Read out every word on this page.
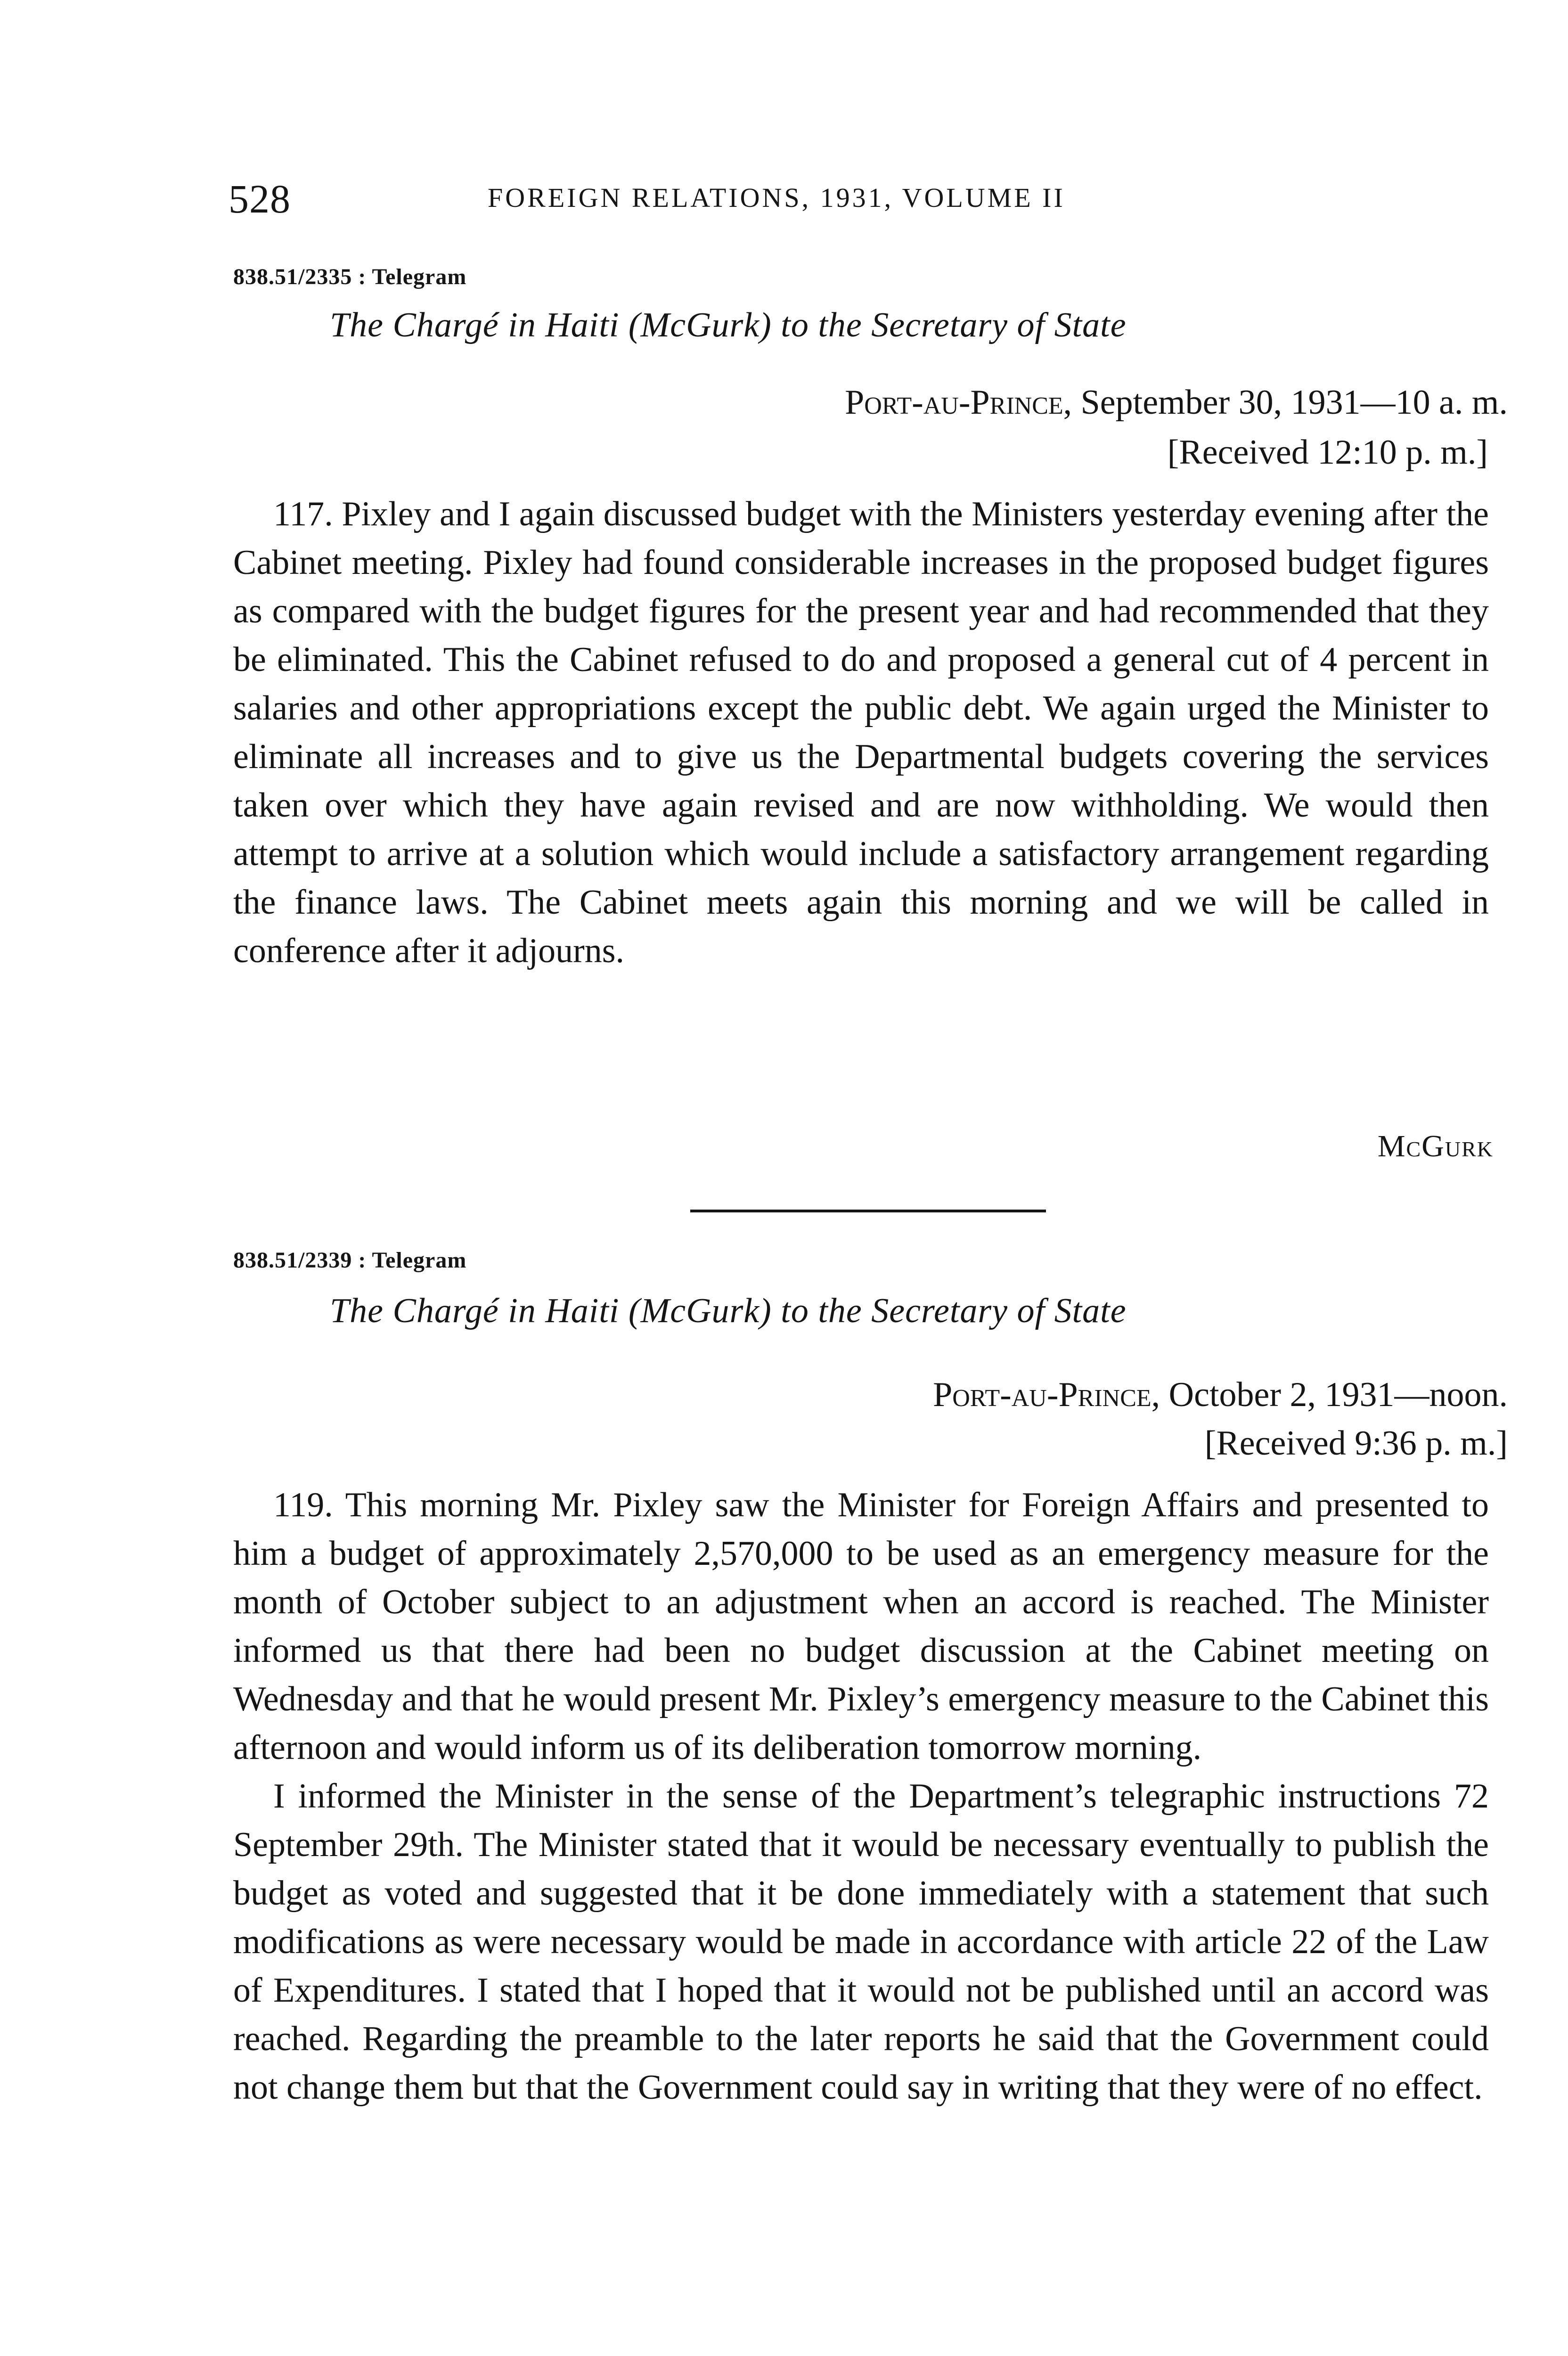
528	FOREIGN RELATIONS, 1931, VOLUME II
838.51/2335 : Telegram
The Chargé in Haiti (McGurk) to the Secretary of State
Port-au-Prince, September 30, 1931—10 a. m.
[Received 12:10 p. m.]

117. Pixley and I again discussed budget with the Ministers yesterday evening after the Cabinet meeting. Pixley had found considerable increases in the proposed budget figures as compared with the budget figures for the present year and had recommended that they be eliminated. This the Cabinet refused to do and proposed a general cut of 4 percent in salaries and other appropriations except the public debt. We again urged the Minister to eliminate all increases and to give us the Departmental budgets covering the services taken over which they have again revised and are now withholding. We would then attempt to arrive at a solution which would include a satisfactory arrangement regarding the finance laws. The Cabinet meets again this morning and we will be called in conference after it adjourns.

McGurk
838.51/2339 : Telegram
The Chargé in Haiti (McGurk) to the Secretary of State
Port-au-Prince, October 2, 1931—noon.
[Received 9:36 p. m.]

119. This morning Mr. Pixley saw the Minister for Foreign Affairs and presented to him a budget of approximately 2,570,000 to be used as an emergency measure for the month of October subject to an adjustment when an accord is reached. The Minister informed us that there had been no budget discussion at the Cabinet meeting on Wednesday and that he would present Mr. Pixley’s emergency measure to the Cabinet this afternoon and would inform us of its deliberation tomorrow morning.

I informed the Minister in the sense of the Department’s telegraphic instructions 72 September 29th. The Minister stated that it would be necessary eventually to publish the budget as voted and suggested that it be done immediately with a statement that such modifications as were necessary would be made in accordance with article 22 of the Law of Expenditures. I stated that I hoped that it would not be published until an accord was reached. Regarding the preamble to the later reports he said that the Government could not change them but that the Government could say in writing that they were of no effect.
